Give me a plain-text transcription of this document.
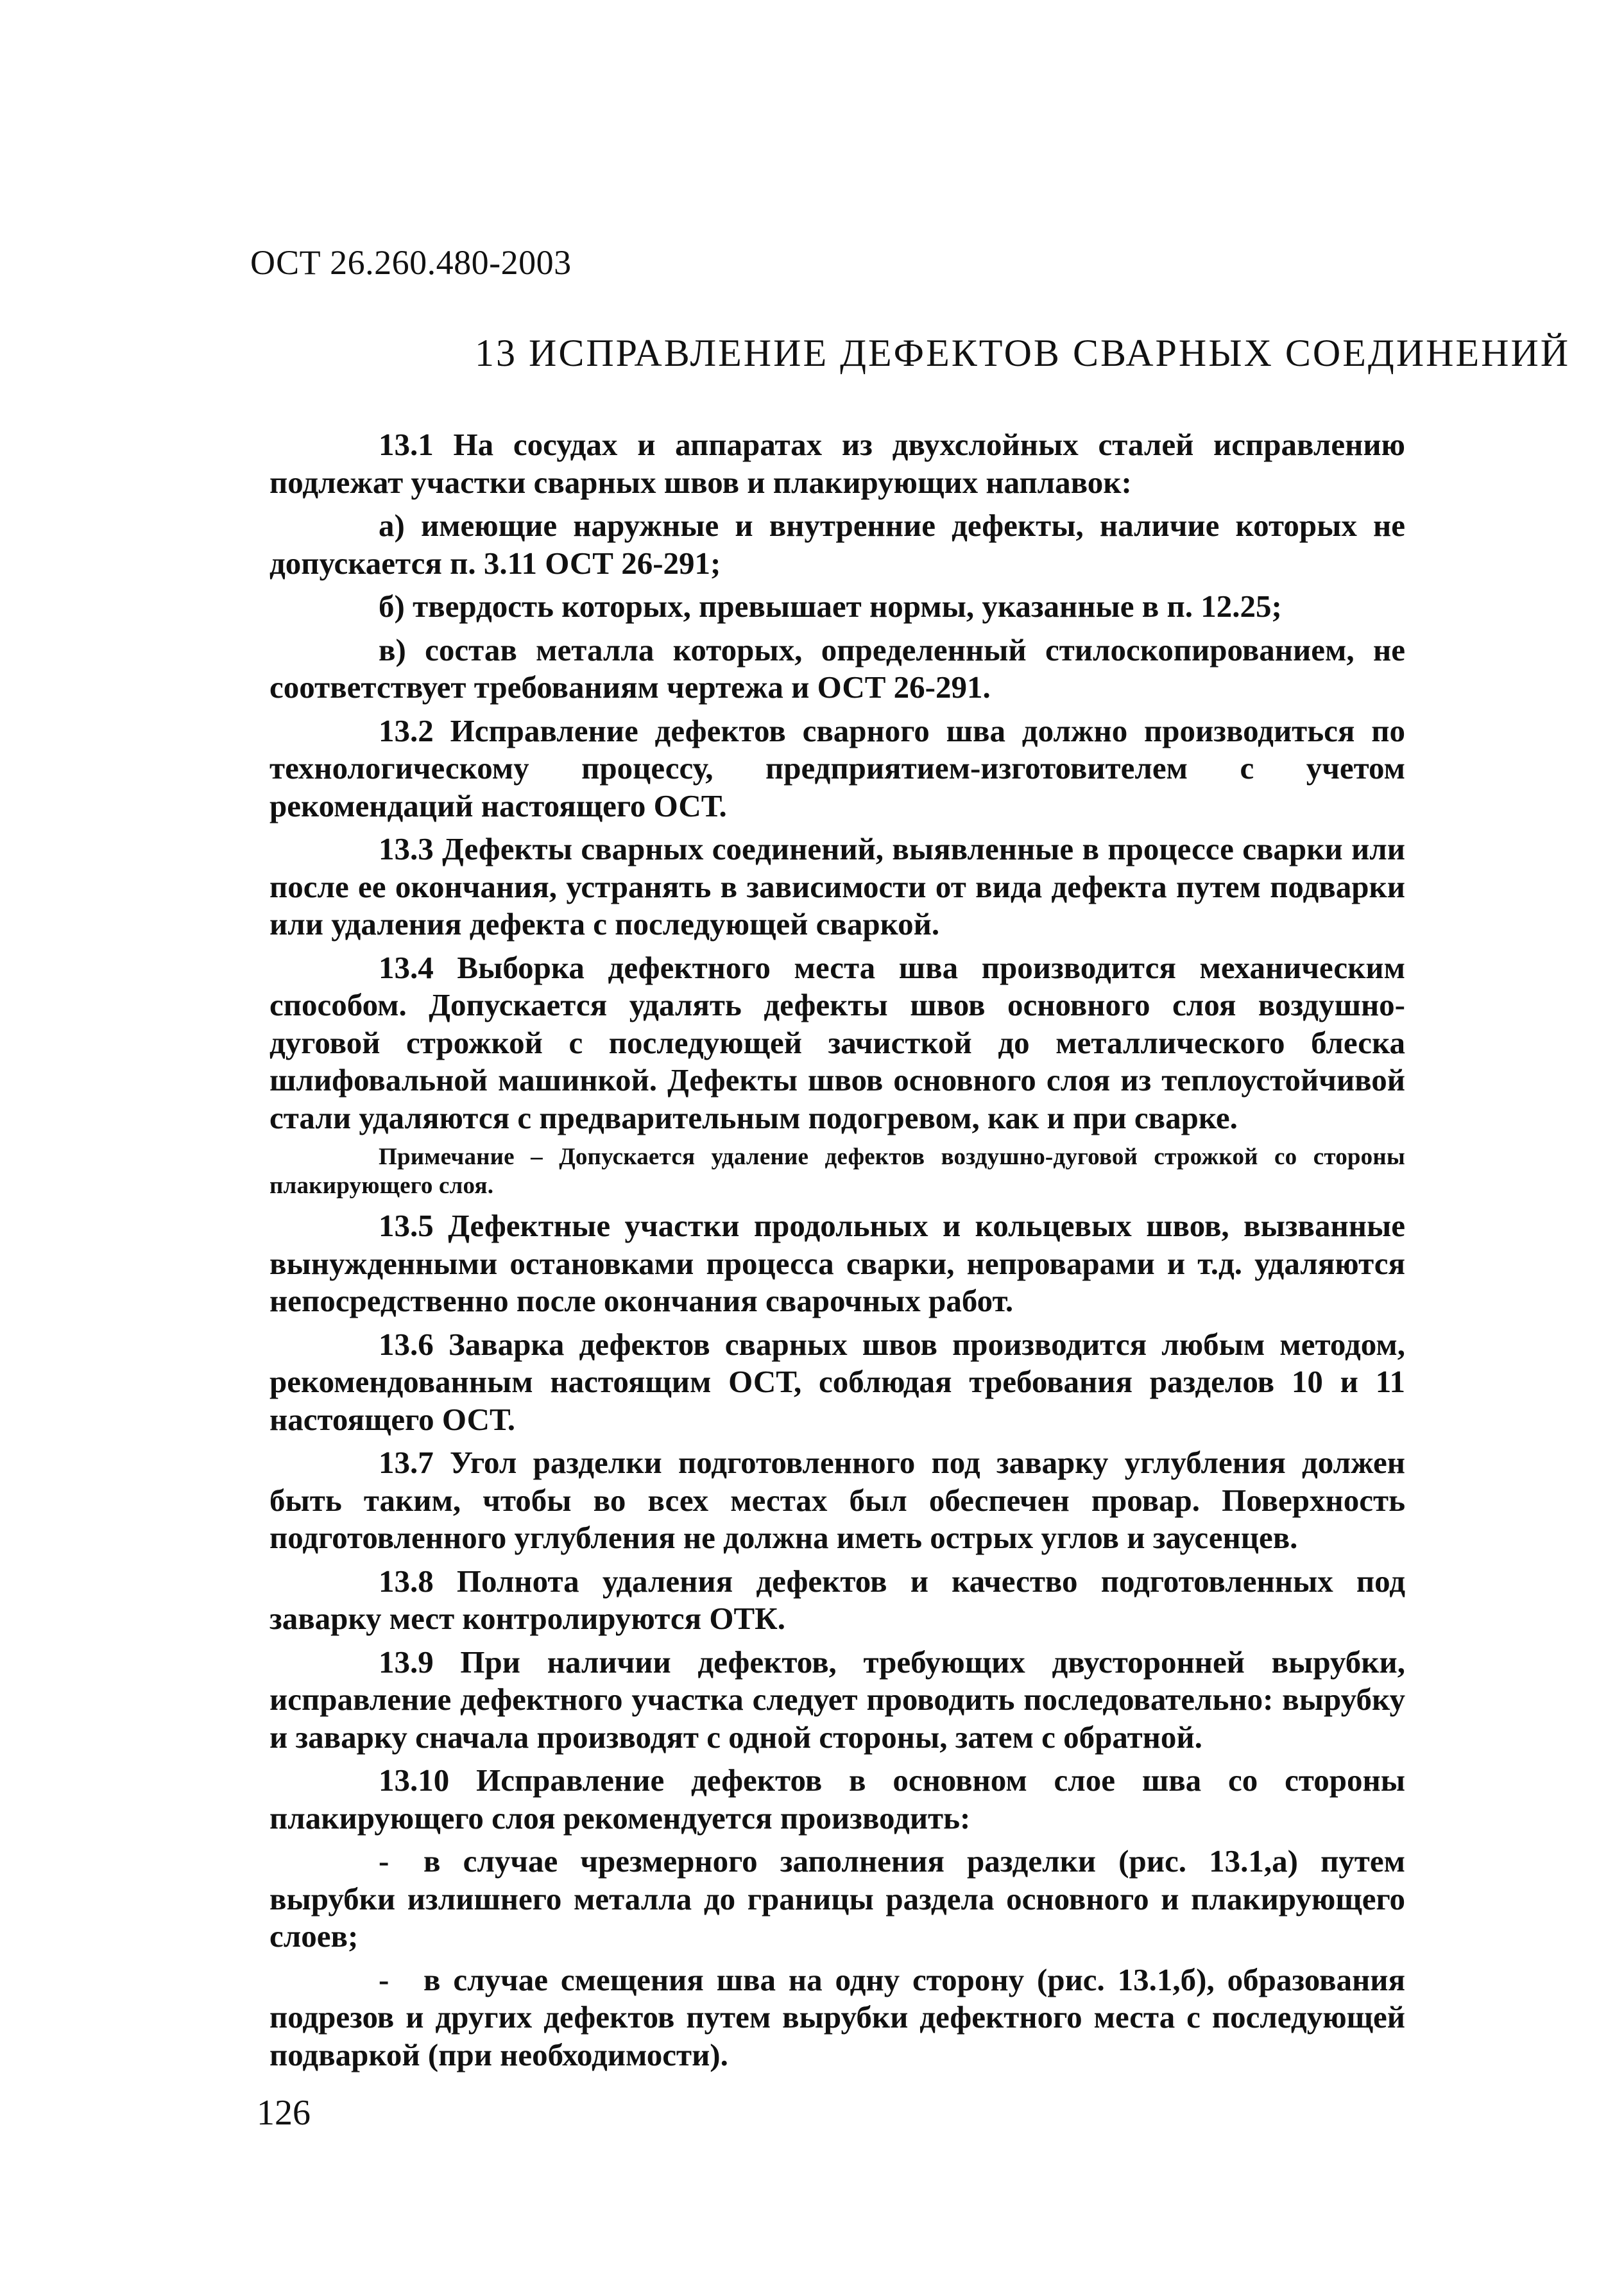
ОСТ 26.260.480-2003
13 ИСПРАВЛЕНИЕ ДЕФЕКТОВ СВАРНЫХ СОЕДИНЕНИЙ

13.1 На сосудах и аппаратах из двухслойных сталей исправлению подлежат участки сварных швов и плакирующих наплавок:

а) имеющие наружные и внутренние дефекты, наличие которых не допускается п. 3.11 ОСТ 26-291;

б) твердость которых, превышает нормы, указанные в п. 12.25;

в) состав металла которых, определенный стилоскопированием, не соответствует требованиям чертежа и ОСТ 26-291.

13.2 Исправление дефектов сварного шва должно производиться по технологическому процессу, предприятием-изготовителем с учетом рекомендаций настоящего ОСТ.

13.3 Дефекты сварных соединений, выявленные в процессе сварки или после ее окончания, устранять в зависимости от вида дефекта путем подварки или удаления дефекта с последующей сваркой.

13.4 Выборка дефектного места шва производится механическим способом. Допускается удалять дефекты швов основного слоя воздушно-дуговой строжкой с последующей зачисткой до металлического блеска шлифовальной машинкой. Дефекты швов основного слоя из теплоустойчивой стали удаляются с предварительным подогревом, как и при сварке.

Примечание – Допускается удаление дефектов воздушно-дуговой строжкой со стороны плакирующего слоя.

13.5 Дефектные участки продольных и кольцевых швов, вызванные вынужденными остановками процесса сварки, непроварами и т.д. удаляются непосредственно после окончания сварочных работ.

13.6 Заварка дефектов сварных швов производится любым методом, рекомендованным настоящим ОСТ, соблюдая требования разделов 10 и 11 настоящего ОСТ.

13.7 Угол разделки подготовленного под заварку углубления должен быть таким, чтобы во всех местах был обеспечен провар. Поверхность подготовленного углубления не должна иметь острых углов и заусенцев.

13.8 Полнота удаления дефектов и качество подготовленных под заварку мест контролируются ОТК.

13.9 При наличии дефектов, требующих двусторонней вырубки, исправление дефектного участка следует проводить последовательно: вырубку и заварку сначала производят с одной стороны, затем с обратной.

13.10 Исправление дефектов в основном слое шва со стороны плакирующего слоя рекомендуется производить:

- в случае чрезмерного заполнения разделки (рис. 13.1,а) путем вырубки излишнего металла до границы раздела основного и плакирующего слоев;

- в случае смещения шва на одну сторону (рис. 13.1,б), образования подрезов и других дефектов путем вырубки дефектного места с последующей подваркой (при необходимости).

126
